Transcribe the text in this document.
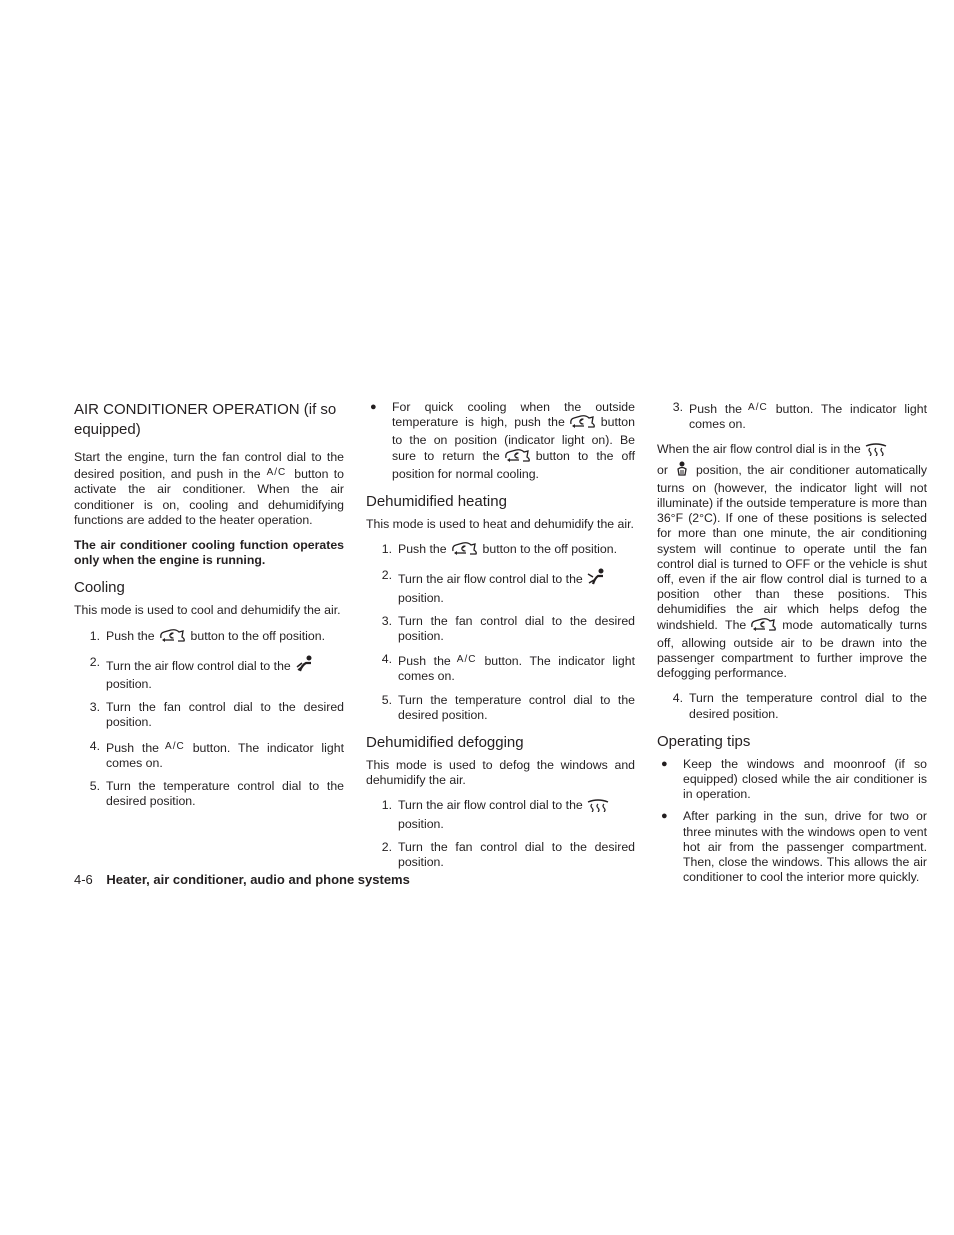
AIR CONDITIONER OPERATION (if so equipped)

Start the engine, turn the fan control dial to the desired position, and push in the $^{A/C}$ button to activate the air conditioner. When the air conditioner is on, cooling and dehumidifying functions are added to the heater operation.

The air conditioner cooling function operates only when the engine is running.

Cooling

This mode is used to cool and dehumidify the air.

1. Push the	button to the off position.
2. Turn the air flow control dial to the
position.
3. Turn the fan control dial to the desired position.
4. Push the $^{A/C}$ button. The indicator light comes on.
5. Turn the temperature control dial to the desired position.
●	For quick cooling when the outside temperature is high, push the	button to the on position (indicator light on). Be sure to return the	button to the off position for normal cooling.
Dehumidified heating

This mode is used to heat and dehumidify the air.

1. Push the	button to the off position.
2. Turn the air flow control dial to the
position.
3. Turn the fan control dial to the desired position.
4. Push the $^{A/C}$ button. The indicator light comes on.
5. Turn the temperature control dial to the desired position.
Dehumidified defogging

This mode is used to defog the windows and dehumidify the air.

1. Turn the air flow control dial to the
position.
2. Turn the fan control dial to the desired position.
3. Push the $^{A/C}$ button. The indicator light comes on.

When the air flow control dial is in the
or position, the air conditioner automatically turns on (however, the indicator light will not illuminate) if the outside temperature is more than 36°F (2°C). If one of these positions is selected for more than one minute, the air conditioning system will continue to operate until the fan control dial is turned to OFF or the vehicle is shut off, even if the air flow control dial is turned to a position other than these positions. This dehumidifies the air which helps defog the windshield. The	mode automatically turns off, allowing outside air to be drawn into the passenger compartment to further improve the defogging performance.

4. Turn the temperature control dial to the desired position.
Operating tips
●	Keep the windows and moonroof (if so equipped) closed while the air conditioner is in operation.
●	After parking in the sun, drive for two or three minutes with the windows open to vent hot air from the passenger compartment. Then, close the windows. This allows the air conditioner to cool the interior more quickly.
4-6 Heater, air conditioner, audio and phone systems
